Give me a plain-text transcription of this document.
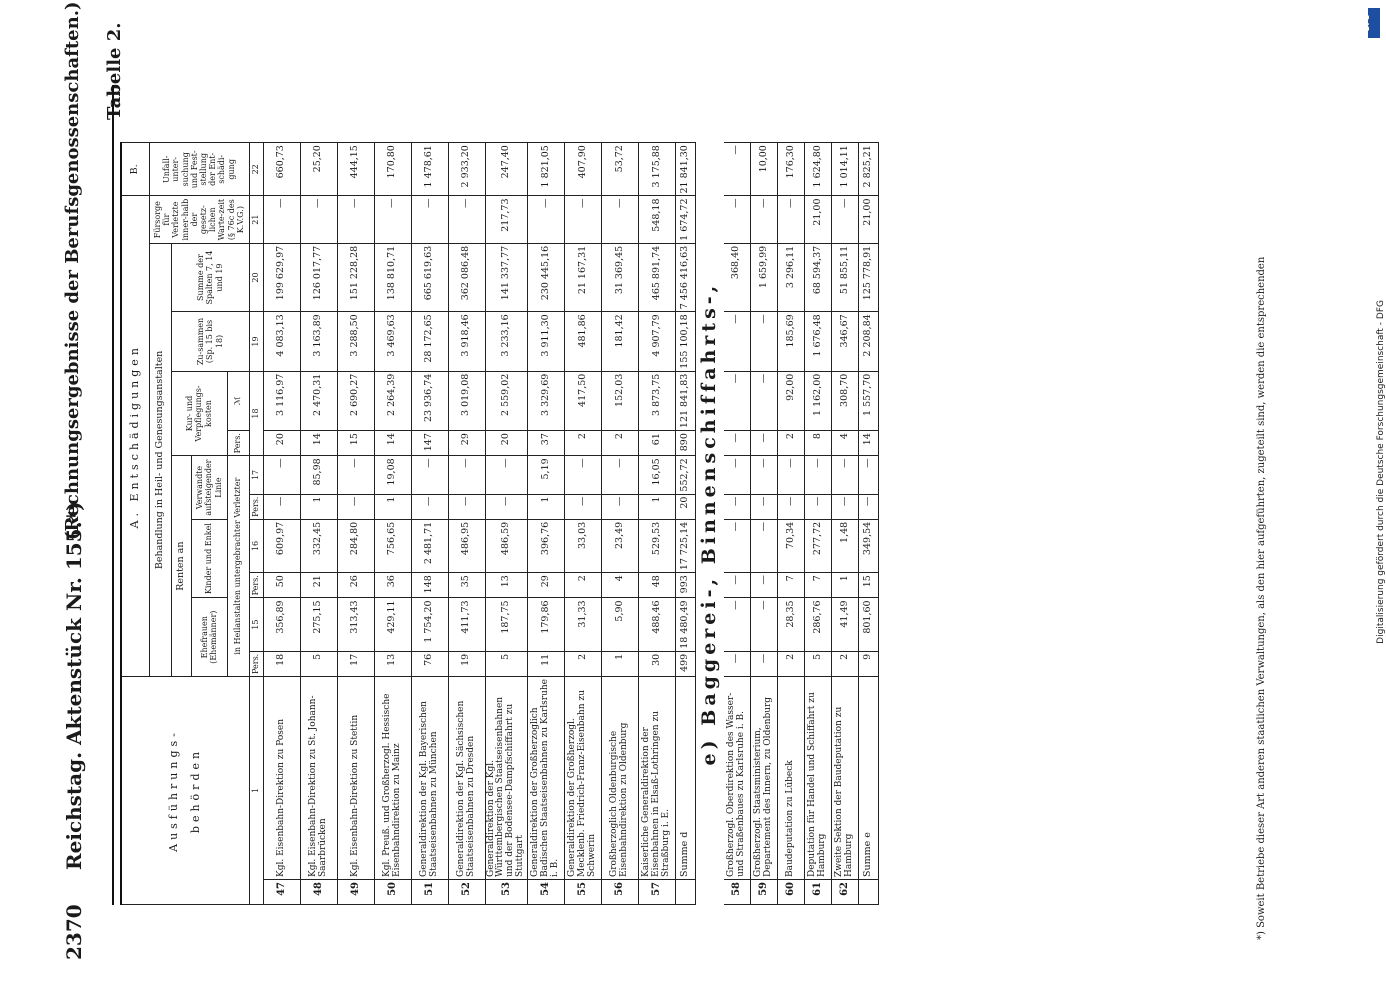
2370
Reichstag. Aktenstück Nr. 155.*)
(Rechnungsergebnisse der Berufsgenossenschaften.) Tabelle 2.
Ausführungs- behörden		A. Entschädigungen											B.
		Behandlung in Heil- und Genesungsanstalten										Fürsorge für Verletzte inner-halb der gesetz-lichen Warte-zeit (§ 76c des K.V.G.)	Unfall-unter-suchung und Fest-stellung der Ent-schädi-gung
		Renten an						Kur- und Verpflegungs-kosten		Zu-sammen (Sp. 15 bis 18)	Summe der Spalten 7, 14 und 19		
		Ehefrauen (Ehemänner)		Kinder und Enkel		Verwandte aufsteigender Linie							
		in Heilanstalten untergebrachter Verletzter						Pers.	ℳ				
1		Pers.	15	Pers.	16	Pers.	17	18		19	20	21	22
47	Kgl. Eisenbahn-Direktion zu Posen	18	356,89	50	609,97	—	—	20	3 116,97	4 083,13	199 629,97	—	660,73
48	Kgl. Eisenbahn-Direktion zu St. Johann-Saarbrücken	5	275,15	21	332,45	1	85,98	14	2 470,31	3 163,89	126 017,77	—	25,20
49	Kgl. Eisenbahn-Direktion zu Stettin	17	313,43	26	284,80	—	—	15	2 690,27	3 288,50	151 228,28	—	444,15
50	Kgl. Preuß. und Großherzogl. Hessische Eisenbahndirektion zu Mainz	13	429,11	36	756,65	1	19,08	14	2 264,39	3 469,63	138 810,71	—	170,80
51	Generaldirektion der Kgl. Bayerischen Staatseisenbahnen zu München	76	1 754,20	148	2 481,71	—	—	147	23 936,74	28 172,65	665 619,63	—	1 478,61
52	Generaldirektion der Kgl. Sächsischen Staatseisenbahnen zu Dresden	19	411,73	35	486,95	—	—	29	3 019,08	3 918,46	362 086,48	—	2 933,20
53	Generaldirektion der Kgl. Württembergischen Staatseisenbahnen und der Bodensee-Dampfschiffahrt zu Stuttgart	5	187,75	13	486,59	—	—	20	2 559,02	3 233,16	141 337,77	217,73	247,40
54	Generaldirektion der Großherzoglich Badischen Staatseisenbahnen zu Karlsruhe i. B.	11	179,86	29	396,76	1	5,19	37	3 329,69	3 911,30	230 445,16	—	1 821,05
55	Generaldirektion der Großherzogl. Mecklenb. Friedrich-Franz-Eisenbahn zu Schwerin	2	31,33	2	33,03	—	—	2	417,50	481,86	21 167,31	—	407,90
56	Großherzoglich Oldenburgische Eisenbahndirektion zu Oldenburg	1	5,90	4	23,49	—	—	2	152,03	181,42	31 369,45	—	53,72
57	Kaiserliche Generaldirektion der Eisenbahnen in Elsaß-Lothringen zu Straßburg i. E.	30	488,46	48	529,53	1	16,05	61	3 873,75	4 907,79	465 891,74	548,18	3 175,88
	Summe d	499	18 480,49	993	17 725,14	20	552,72	890	121 841,83	155 100,18	7 456 416,63	1 674,72	21 841,30
e) Baggerei-, Binnenschiffahrts-,													
58	Großherzogl. Oberdirektion des Wasser- und Straßenbaues zu Karlsruhe i. B.	—	—	—	—	—	—	—	—	—	368,40	—	—
59	Großherzogl. Staatsministerium, Departement des Innern, zu Oldenburg	—	—	—	—	—	—	—	—	—	1 659,99	—	10,00
60	Baudeputation zu Lübeck	2	28,35	7	70,34	—	—	2	92,00	185,69	3 296,11	—	176,30
61	Deputation für Handel und Schiffahrt zu Hamburg	5	286,76	7	277,72	—	—	8	1 162,00	1 676,48	68 594,37	21,00	1 624,80
62	Zweite Sektion der Baudeputation zu Hamburg	2	41,49	1	1,48	—	—	4	308,70	346,67	51 855,11	—	1 014,11
	Summe e	9	801,60	15	349,54	—	—	14	1 557,70	2 208,84	125 778,91	21,00	2 825,21
*) Soweit Betriebe dieser Art anderen staatlichen Verwaltungen, als den hier aufgeführten, zugeteilt sind, werden die entsprechenden
DFG
Digitalisierung gefördert durch die Deutsche Forschungsgemeinschaft - DFG
